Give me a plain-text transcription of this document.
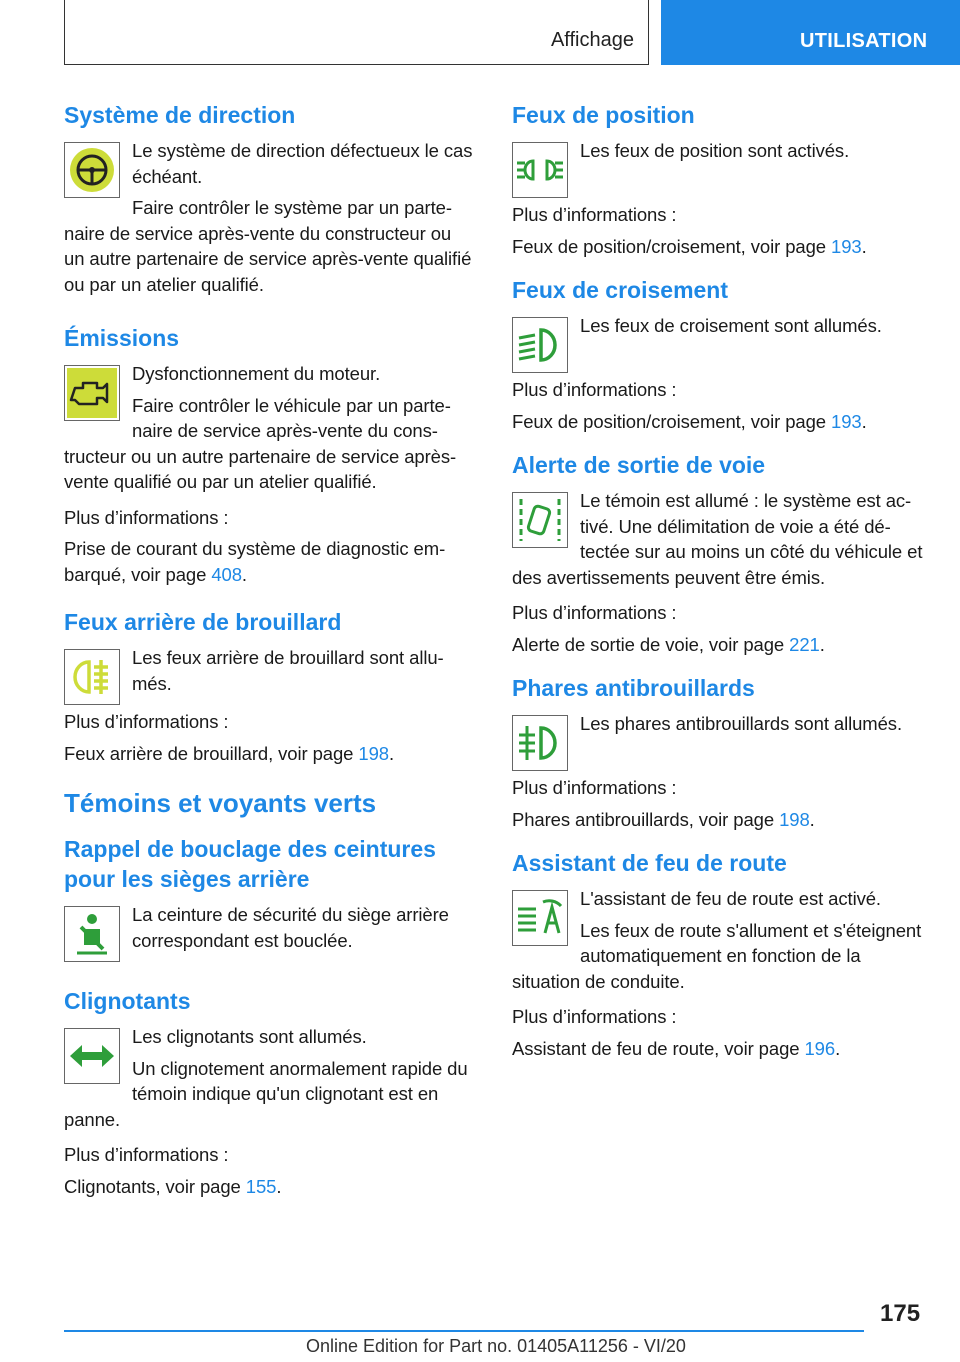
Affichage	UTILISATION
Système de direction

Le système de direction défectueux le cas échéant.

Faire contrôler le système par un partenaire de service après-vente du constructeur ou un autre partenaire de service après-vente qualifié ou par un atelier qualifié.

Émissions

Dysfonctionnement du moteur.

Faire contrôler le véhicule par un partenaire de service après-vente du constructeur ou un autre partenaire de service après-vente qualifié ou par un atelier qualifié.

Plus d’informations :

Prise de courant du système de diagnostic embarqué, voir page 408.

Feux arrière de brouillard

Les feux arrière de brouillard sont allumés.

Plus d’informations :

Feux arrière de brouillard, voir page 198.

Témoins et voyants verts
Rappel de bouclage des ceintures pour les sièges arrière

La ceinture de sécurité du siège arrière correspondant est bouclée.

Clignotants

Les clignotants sont allumés.

Un clignotement anormalement rapide du témoin indique qu'un clignotant est en panne.

Plus d’informations :

Clignotants, voir page 155.

Feux de position

Les feux de position sont activés.

Plus d’informations :

Feux de position/croisement, voir page 193.

Feux de croisement

Les feux de croisement sont allumés.

Plus d’informations :

Feux de position/croisement, voir page 193.

Alerte de sortie de voie

Le témoin est allumé : le système est activé. Une délimitation de voie a été détectée sur au moins un côté du véhicule et des avertissements peuvent être émis.

Plus d’informations :

Alerte de sortie de voie, voir page 221.

Phares antibrouillards

Les phares antibrouillards sont allumés.

Plus d’informations :

Phares antibrouillards, voir page 198.

Assistant de feu de route

L'assistant de feu de route est activé.

Les feux de route s'allument et s'éteignent automatiquement en fonction de la situation de conduite.

Plus d’informations :

Assistant de feu de route, voir page 196.

175
Online Edition for Part no. 01405A11256 - VI/20
